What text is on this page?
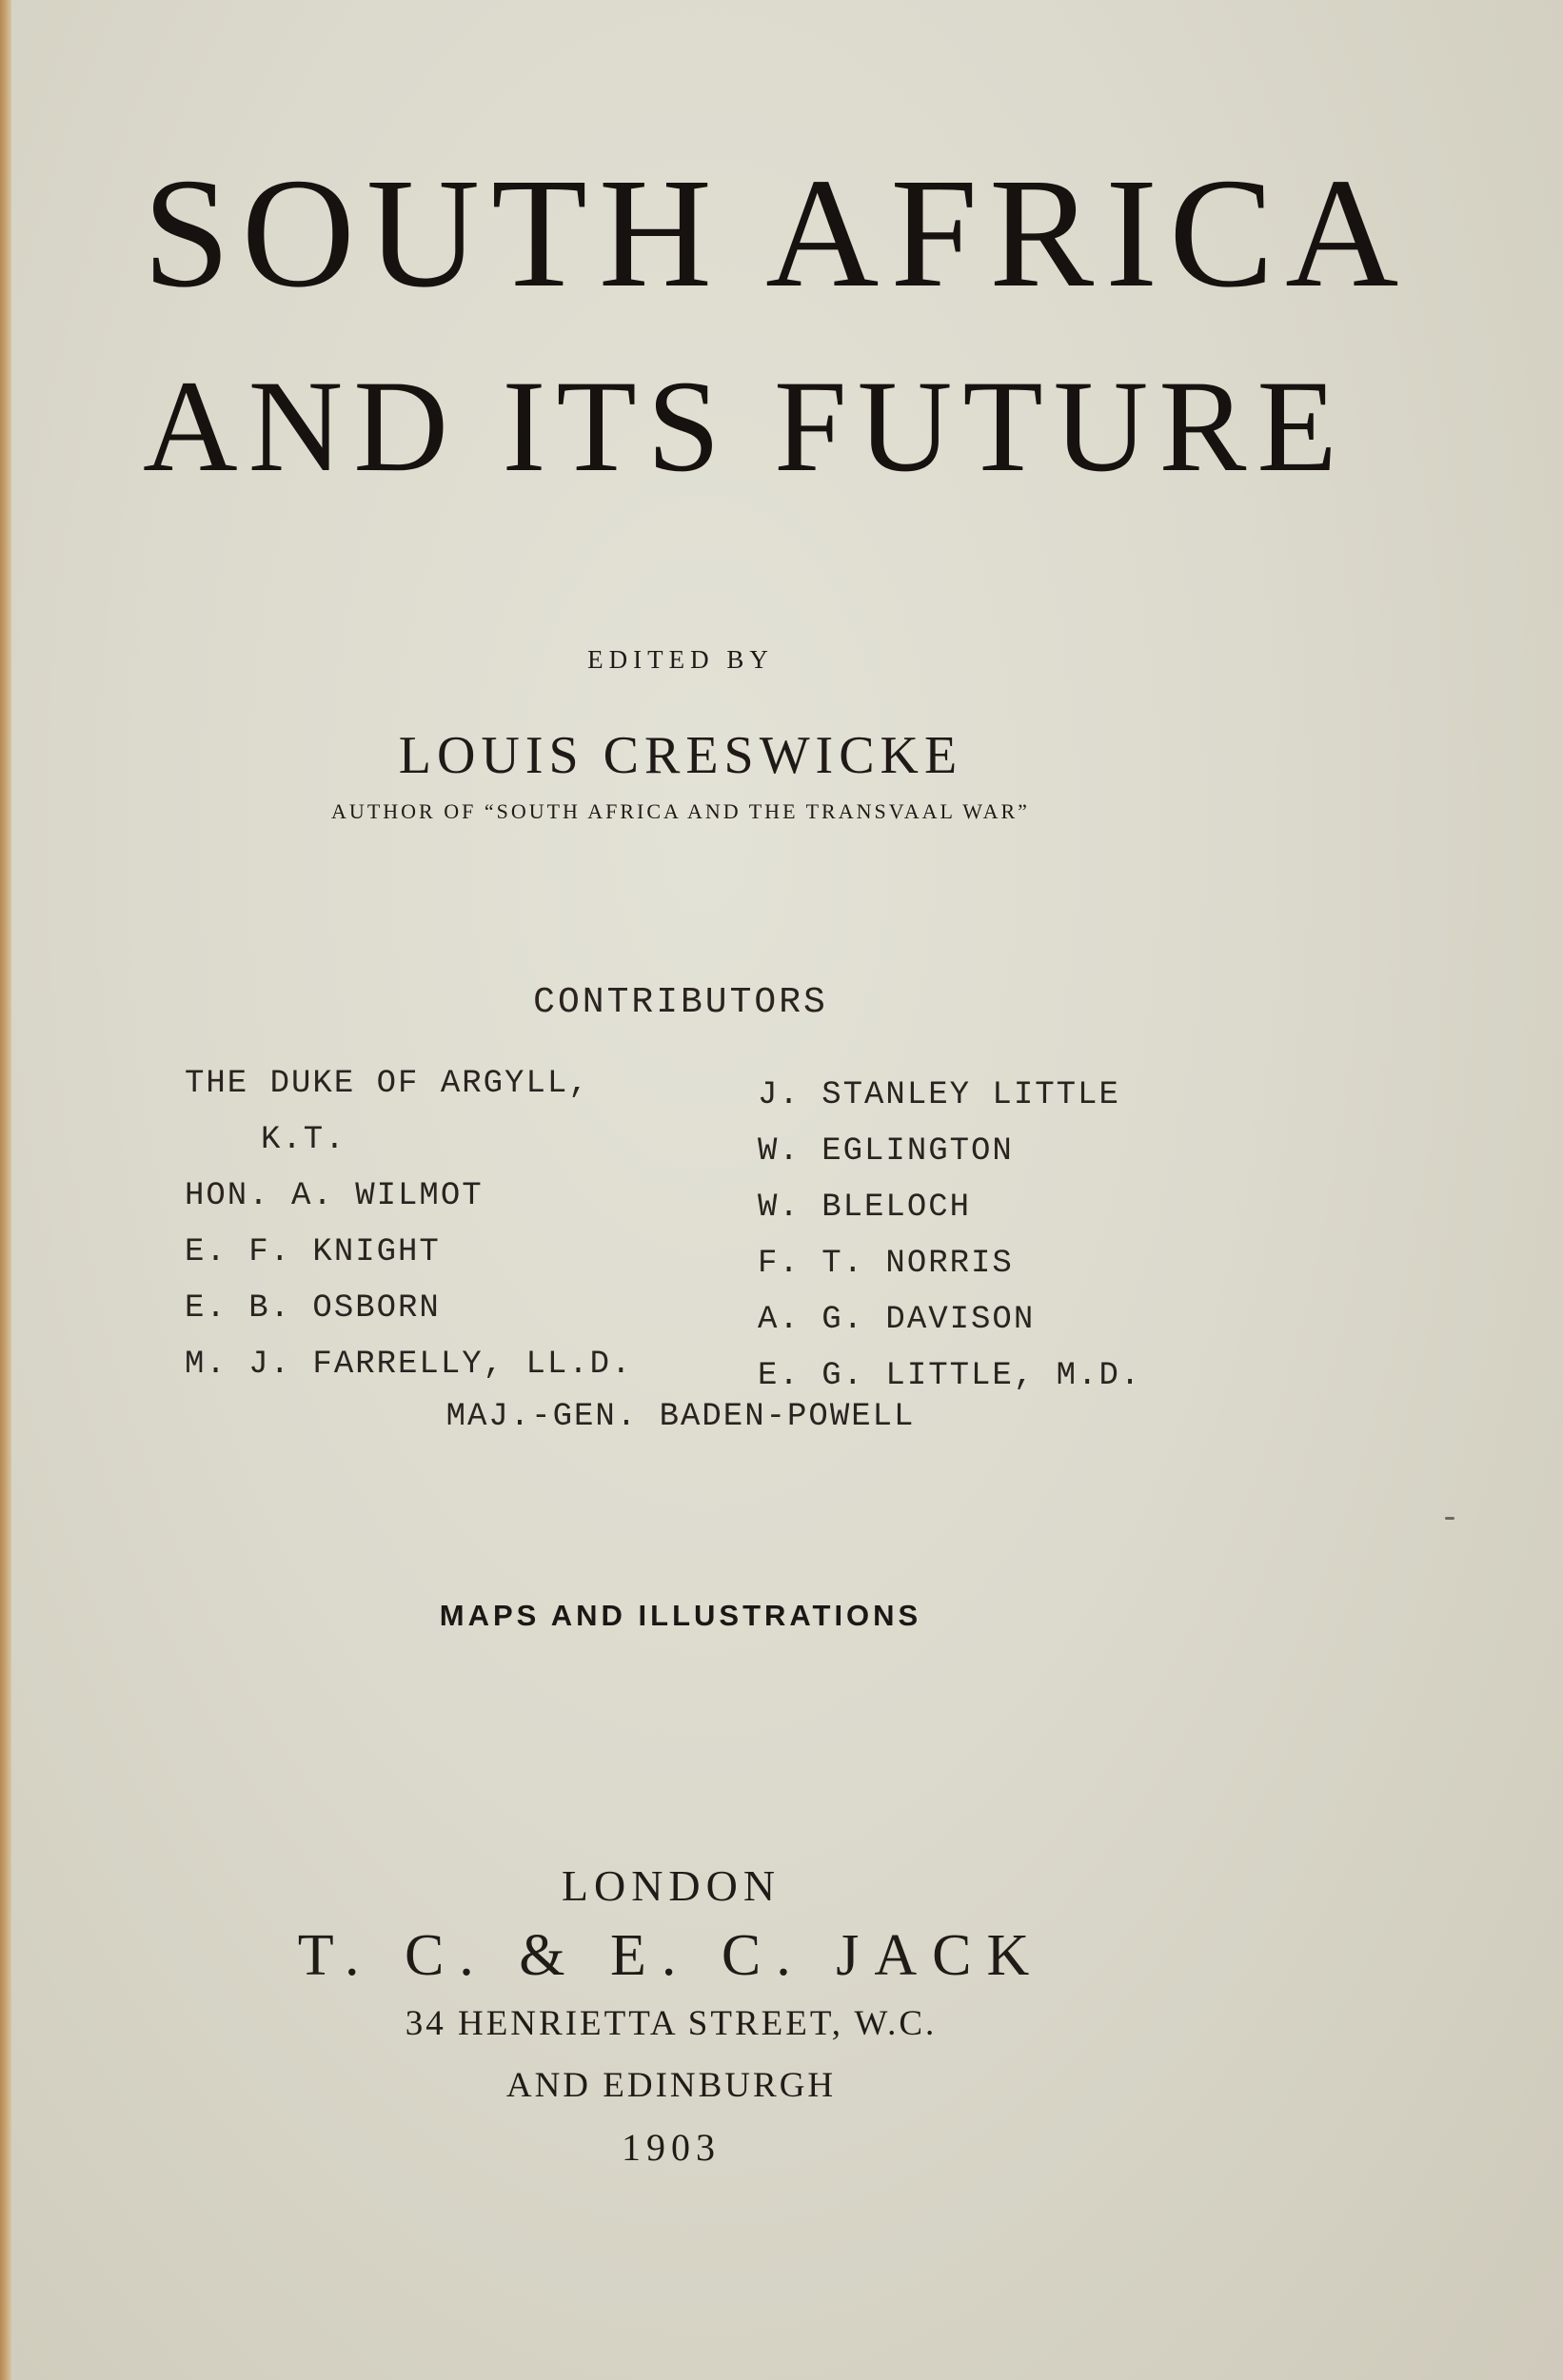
SOUTH AFRICA
AND ITS FUTURE
EDITED BY
LOUIS CRESWICKE
AUTHOR OF “SOUTH AFRICA AND THE TRANSVAAL WAR”
CONTRIBUTORS
THE DUKE OF ARGYLL,
K.T.
HON. A. WILMOT
E. F. KNIGHT
E. B. OSBORN
M. J. FARRELLY, LL.D.
J. STANLEY LITTLE
W. EGLINGTON
W. BLELOCH
F. T. NORRIS
A. G. DAVISON
E. G. LITTLE, M.D.
MAJ.-GEN. BADEN-POWELL
MAPS AND ILLUSTRATIONS
LONDON
T. C. & E. C. JACK
34 HENRIETTA STREET, W.C.
AND EDINBURGH
1903
